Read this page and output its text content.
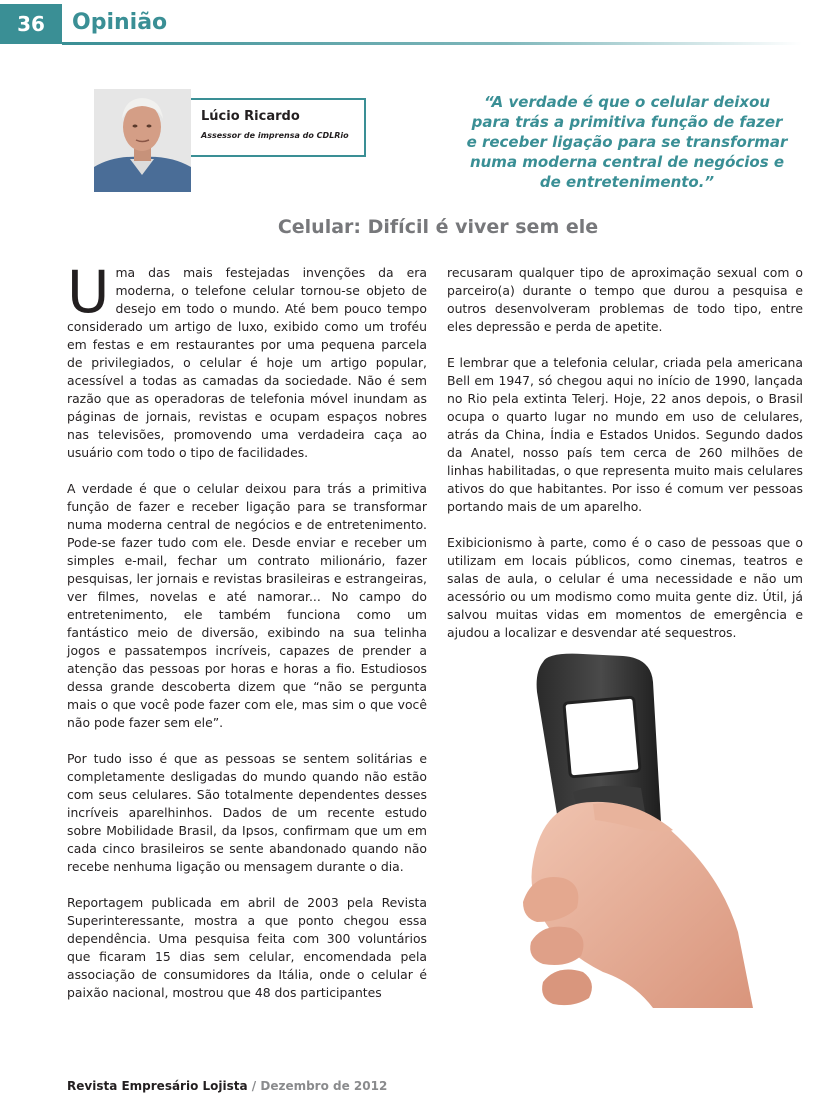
36	Opinião
Lúcio Ricardo
Assessor de imprensa do CDLRio
“A verdade é que o celular deixou para trás a primitiva função de fazer e receber ligação para se transformar numa moderna central de negócios e de entretenimento.”
Celular: Difícil é viver sem ele

Uma das mais festejadas invenções da era moderna, o telefone celular tornou-se objeto de desejo em todo o mundo. Até bem pouco tempo considerado um artigo de luxo, exibido como um troféu em festas e em restaurantes por uma pequena parcela de privilegiados, o celular é hoje um artigo popular, acessível a todas as camadas da sociedade. Não é sem razão que as operadoras de telefonia móvel inundam as páginas de jornais, revistas e ocupam espaços nobres nas televisões, promovendo uma verdadeira caça ao usuário com todo o tipo de facilidades.

A verdade é que o celular deixou para trás a primitiva função de fazer e receber ligação para se transformar numa moderna central de negócios e de entretenimento. Pode-se fazer tudo com ele. Desde enviar e receber um simples e-mail, fechar um contrato milionário, fazer pesquisas, ler jornais e revistas brasileiras e estrangeiras, ver filmes, novelas e até namorar... No campo do entretenimento, ele também funciona como um fantástico meio de diversão, exibindo na sua telinha jogos e passatempos incríveis, capazes de prender a atenção das pessoas por horas e horas a fio. Estudiosos dessa grande descoberta dizem que “não se pergunta mais o que você pode fazer com ele, mas sim o que você não pode fazer sem ele”.

Por tudo isso é que as pessoas se sentem solitárias e completamente desligadas do mundo quando não estão com seus celulares. São totalmente dependentes desses incríveis aparelhinhos. Dados de um recente estudo sobre Mobilidade Brasil, da Ipsos, confirmam que um em cada cinco brasileiros se sente abandonado quando não recebe nenhuma ligação ou mensagem durante o dia.

Reportagem publicada em abril de 2003 pela Revista Superinteressante, mostra a que ponto chegou essa dependência. Uma pesquisa feita com 300 voluntários que ficaram 15 dias sem celular, encomendada pela associação de consumidores da Itália, onde o celular é paixão nacional, mostrou que 48 dos participantes

recusaram qualquer tipo de aproximação sexual com o parceiro(a) durante o tempo que durou a pesquisa e outros desenvolveram problemas de todo tipo, entre eles depressão e perda de apetite.

E lembrar que a telefonia celular, criada pela americana Bell em 1947, só chegou aqui no início de 1990, lançada no Rio pela extinta Telerj. Hoje, 22 anos depois, o Brasil ocupa o quarto lugar no mundo em uso de celulares, atrás da China, Índia e Estados Unidos. Segundo dados da Anatel, nosso país tem cerca de 260 milhões de linhas habilitadas, o que representa muito mais celulares ativos do que habitantes. Por isso é comum ver pessoas portando mais de um aparelho.

Exibicionismo à parte, como é o caso de pessoas que o utilizam em locais públicos, como cinemas, teatros e salas de aula, o celular é uma necessidade e não um acessório ou um modismo como muita gente diz. Útil, já salvou muitas vidas em momentos de emergência e ajudou a localizar e desvendar até sequestros.

Revista Empresário Lojista / Dezembro de 2012
